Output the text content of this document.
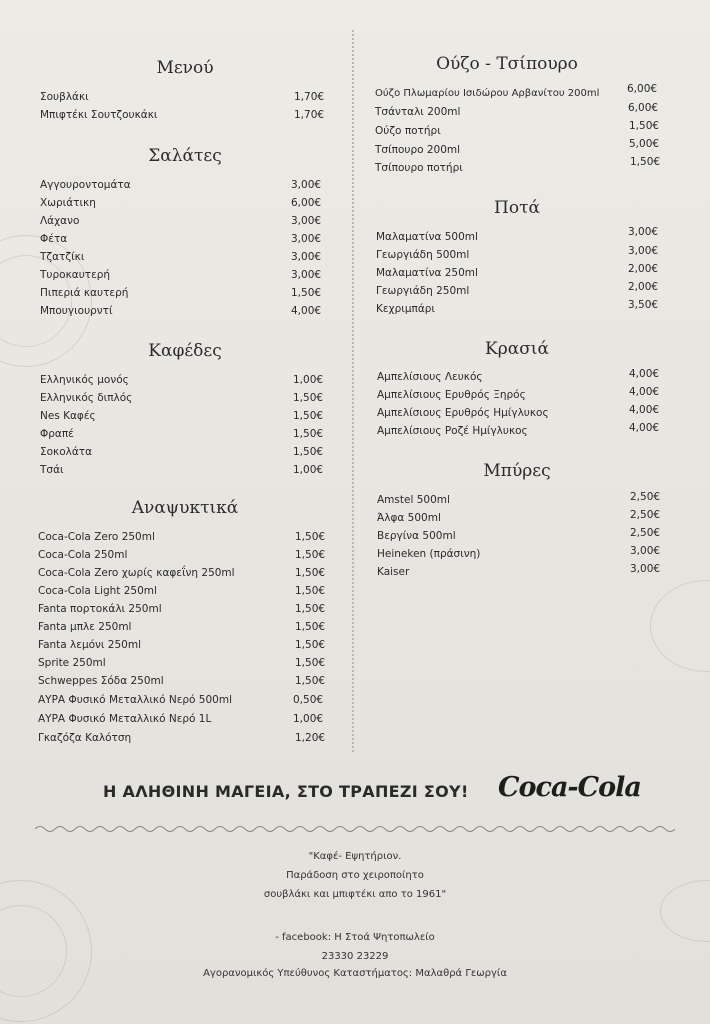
Μενού
Σουβλάκι	1,70€
Μπιφτέκι Σουτζουκάκι	1,70€
Σαλάτες
Αγγουροντομάτα	3,00€
Χωριάτικη	6,00€
Λάχανο	3,00€
Φέτα	3,00€
Τζατζίκι	3,00€
Τυροκαυτερή	3,00€
Πιπεριά καυτερή	1,50€
Μπουγιουρντί	4,00€
Καφέδες
Ελληνικός μονός	1,00€
Ελληνικός διπλός	1,50€
Nes Καφές	1,50€
Φραπέ	1,50€
Σοκολάτα	1,50€
Τσάι	1,00€
Αναψυκτικά
Coca-Cola Zero 250ml	1,50€
Coca-Cola 250ml	1,50€
Coca-Cola Zero χωρίς καφεΐνη 250ml	1,50€
Coca-Cola Light 250ml	1,50€
Fanta πορτοκάλι 250ml	1,50€
Fanta μπλε 250ml	1,50€
Fanta λεμόνι 250ml	1,50€
Sprite 250ml	1,50€
Schweppes Σόδα 250ml	1,50€
ΑΥΡΑ Φυσικό Μεταλλικό Νερό 500ml	0,50€
ΑΥΡΑ Φυσικό Μεταλλικό Νερό 1L	1,00€
Γκαζόζα Καλότση	1,20€
Ούζο - Τσίπουρο
Ούζο Πλωμαρίου Ισιδώρου Αρβανίτου 200ml	6,00€
Τσάνταλι 200ml	6,00€
Ούζο ποτήρι	1,50€
Τσίπουρο 200ml	5,00€
Τσίπουρο ποτήρι	1,50€
Ποτά
Μαλαματίνα 500ml	3,00€
Γεωργιάδη 500ml	3,00€
Μαλαματίνα 250ml	2,00€
Γεωργιάδη 250ml	2,00€
Κεχριμπάρι	3,50€
Κρασιά
Αμπελίσιους Λευκός	4,00€
Αμπελίσιους Ερυθρός Ξηρός	4,00€
Αμπελίσιους Ερυθρός Ημίγλυκος	4,00€
Αμπελίσιους Ροζέ Ημίγλυκος	4,00€
Μπύρες
Amstel 500ml	2,50€
Άλφα 500ml	2,50€
Βεργίνα 500ml	2,50€
Heineken (πράσινη)	3,00€
Kaiser	3,00€
Η ΑΛΗΘΙΝΗ ΜΑΓΕΙΑ, ΣΤΟ ΤΡΑΠΕΖΙ ΣΟΥ! Coca-Cola
"Καφέ- Εψητήριον.
Παράδοση στο χειροποίητο
σουβλάκι και μπιφτέκι απο το 1961"
- facebook: Η Στοά Ψητοπωλείο
23330 23229
Αγορανομικός Υπεύθυνος Καταστήματος: Μαλαθρά Γεωργία
